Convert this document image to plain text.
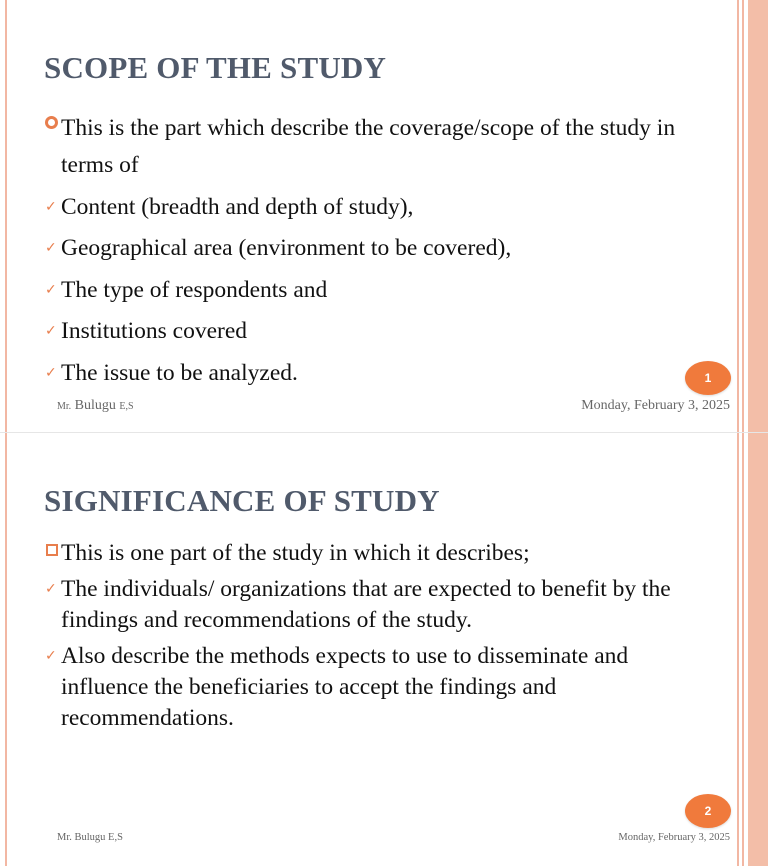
SCOPE OF THE STUDY
This is the part which describe the coverage/scope of the study in terms of
✓ Content (breadth and depth of study),
✓ Geographical area (environment to be covered),
✓ The type of respondents and
✓ Institutions covered
✓ The issue to be analyzed.	1
Mr. Bulugu E,S	Monday, February 3, 2025
SIGNIFICANCE OF STUDY
This is one part of the study in which it describes;
✓ The individuals/ organizations that are expected to benefit by the findings and recommendations of the study.
✓ Also describe the methods expects to use to disseminate and influence the beneficiaries to accept the findings and recommendations.
2
Mr. Bulugu E,S	Monday, February 3, 2025
